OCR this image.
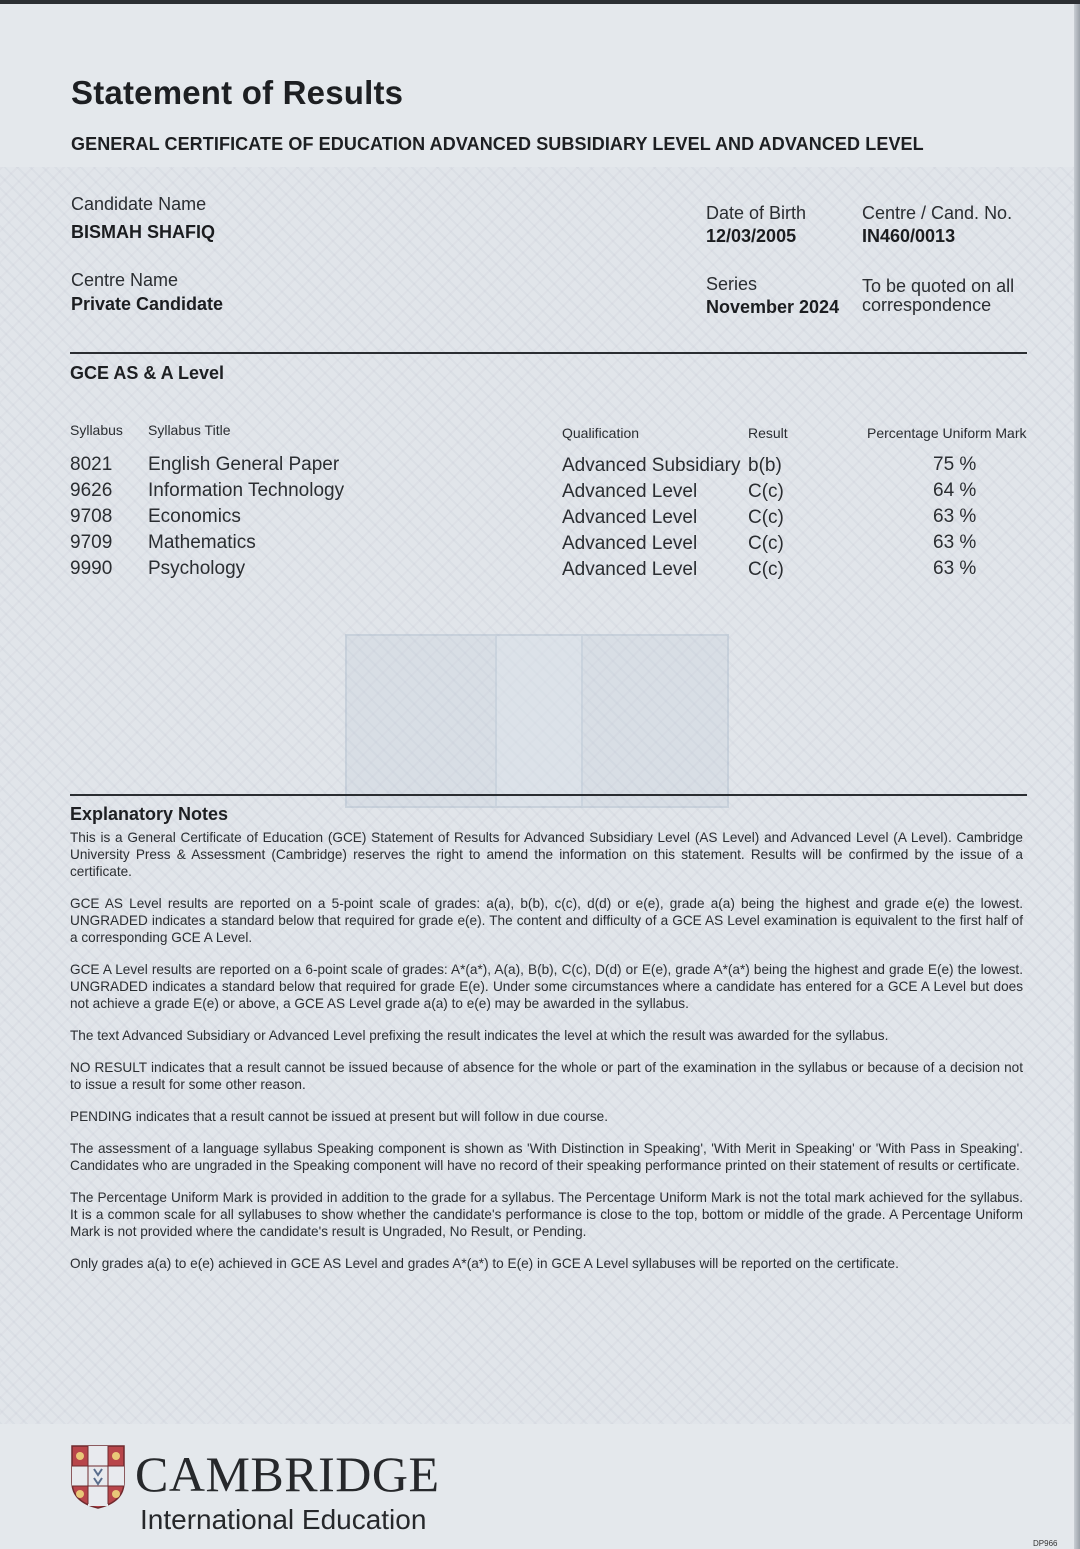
Statement of Results
GENERAL CERTIFICATE OF EDUCATION ADVANCED SUBSIDIARY LEVEL AND ADVANCED LEVEL
Candidate Name
BISMAH SHAFIQ
Date of Birth
12/03/2005
Centre / Cand. No.
IN460/0013
Centre Name
Private Candidate
Series
November 2024
To be quoted on all
correspondence
GCE AS & A Level
Syllabus Syllabus Title	Qualification	Result	Percentage Uniform Mark
8021 English General Paper	Advanced Subsidiary b(b)	75 %
9626 Information Technology	Advanced Level	C(c)	64 %
9708 Economics	Advanced Level	C(c)	63 %
9709 Mathematics	Advanced Level	C(c)	63 %
9990 Psychology	Advanced Level	C(c)	63 %
Explanatory Notes

This is a General Certificate of Education (GCE) Statement of Results for Advanced Subsidiary Level (AS Level) and Advanced Level (A Level). Cambridge University Press & Assessment (Cambridge) reserves the right to amend the information on this statement. Results will be confirmed by the issue of a certificate.

GCE AS Level results are reported on a 5-point scale of grades: a(a), b(b), c(c), d(d) or e(e), grade a(a) being the highest and grade e(e) the lowest. UNGRADED indicates a standard below that required for grade e(e). The content and difficulty of a GCE AS Level examination is equivalent to the first half of a corresponding GCE A Level.

GCE A Level results are reported on a 6-point scale of grades: A*(a*), A(a), B(b), C(c), D(d) or E(e), grade A*(a*) being the highest and grade E(e) the lowest. UNGRADED indicates a standard below that required for grade E(e). Under some circumstances where a candidate has entered for a GCE A Level but does not achieve a grade E(e) or above, a GCE AS Level grade a(a) to e(e) may be awarded in the syllabus.

The text Advanced Subsidiary or Advanced Level prefixing the result indicates the level at which the result was awarded for the syllabus.

NO RESULT indicates that a result cannot be issued because of absence for the whole or part of the examination in the syllabus or because of a decision not to issue a result for some other reason.

PENDING indicates that a result cannot be issued at present but will follow in due course.

The assessment of a language syllabus Speaking component is shown as 'With Distinction in Speaking', 'With Merit in Speaking' or 'With Pass in Speaking'. Candidates who are ungraded in the Speaking component will have no record of their speaking performance printed on their statement of results or certificate.

The Percentage Uniform Mark is provided in addition to the grade for a syllabus. The Percentage Uniform Mark is not the total mark achieved for the syllabus. It is a common scale for all syllabuses to show whether the candidate's performance is close to the top, bottom or middle of the grade. A Percentage Uniform Mark is not provided where the candidate's result is Ungraded, No Result, or Pending.

Only grades a(a) to e(e) achieved in GCE AS Level and grades A*(a*) to E(e) in GCE A Level syllabuses will be reported on the certificate.

CAMBRIDGE
International Education
DP966
